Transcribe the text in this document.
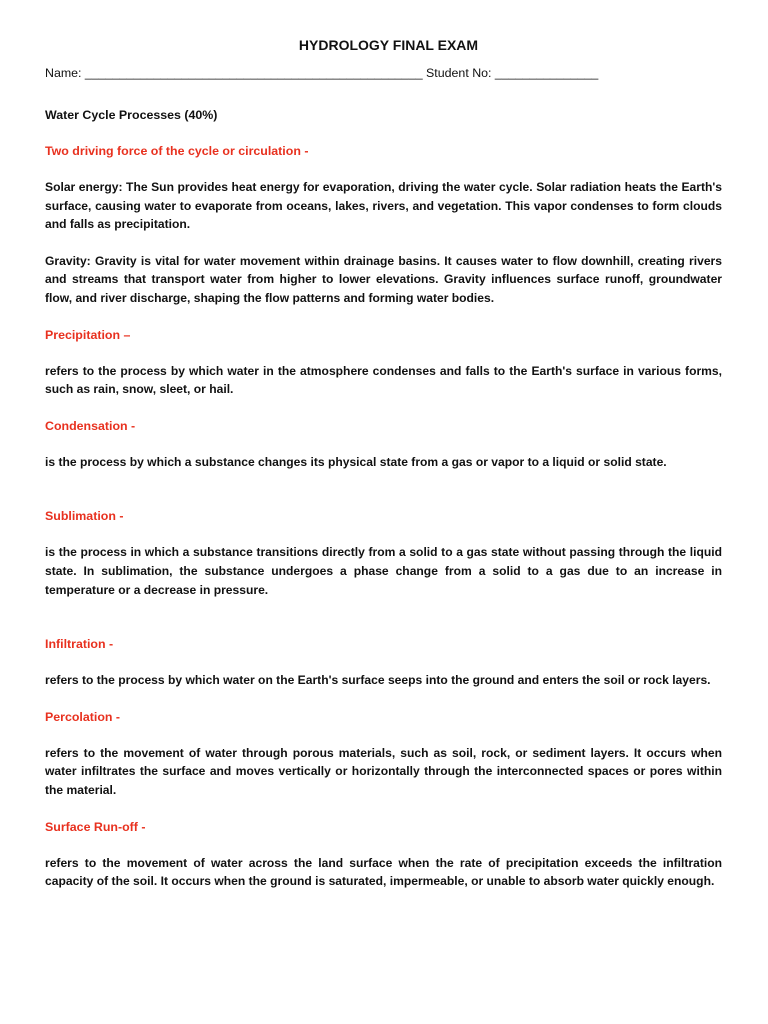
HYDROLOGY FINAL EXAM
Name: _________________________________________________ Student No: _______________
Water Cycle Processes (40%)
Two driving force of the cycle or circulation -
Solar energy: The Sun provides heat energy for evaporation, driving the water cycle. Solar radiation heats the Earth's surface, causing water to evaporate from oceans, lakes, rivers, and vegetation. This vapor condenses to form clouds and falls as precipitation.
Gravity: Gravity is vital for water movement within drainage basins. It causes water to flow downhill, creating rivers and streams that transport water from higher to lower elevations. Gravity influences surface runoff, groundwater flow, and river discharge, shaping the flow patterns and forming water bodies.
Precipitation –
refers to the process by which water in the atmosphere condenses and falls to the Earth's surface in various forms, such as rain, snow, sleet, or hail.
Condensation -
is the process by which a substance changes its physical state from a gas or vapor to a liquid or solid state.
Sublimation -
is the process in which a substance transitions directly from a solid to a gas state without passing through the liquid state. In sublimation, the substance undergoes a phase change from a solid to a gas due to an increase in temperature or a decrease in pressure.
Infiltration -
refers to the process by which water on the Earth's surface seeps into the ground and enters the soil or rock layers.
Percolation -
refers to the movement of water through porous materials, such as soil, rock, or sediment layers. It occurs when water infiltrates the surface and moves vertically or horizontally through the interconnected spaces or pores within the material.
Surface Run-off -
refers to the movement of water across the land surface when the rate of precipitation exceeds the infiltration capacity of the soil. It occurs when the ground is saturated, impermeable, or unable to absorb water quickly enough.
